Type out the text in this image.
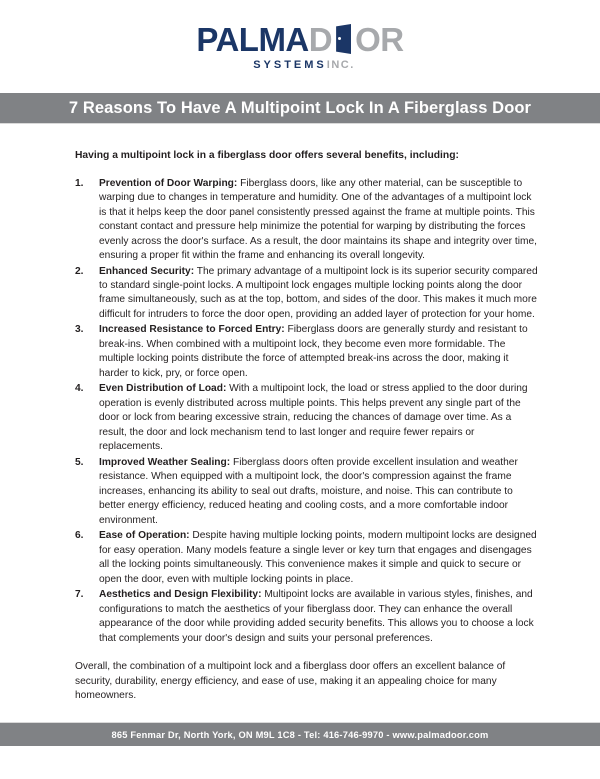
PALMA D OR
SYSTEMS INC.
7 Reasons To Have A Multipoint Lock In A Fiberglass Door

Having a multipoint lock in a fiberglass door offers several benefits, including:

1.	Prevention of Door Warping: Fiberglass doors, like any other material, can be susceptible to warping due to changes in temperature and humidity. One of the advantages of a multipoint lock is that it helps keep the door panel consistently pressed against the frame at multiple points. This constant contact and pressure help minimize the potential for warping by distributing the forces evenly across the door's surface. As a result, the door maintains its shape and integrity over time, ensuring a proper fit within the frame and enhancing its overall longevity.
2.	Enhanced Security: The primary advantage of a multipoint lock is its superior security compared to standard single-point locks. A multipoint lock engages multiple locking points along the door frame simultaneously, such as at the top, bottom, and sides of the door. This makes it much more difficult for intruders to force the door open, providing an added layer of protection for your home.
3.	Increased Resistance to Forced Entry: Fiberglass doors are generally sturdy and resistant to break-ins. When combined with a multipoint lock, they become even more formidable. The multiple locking points distribute the force of attempted break-ins across the door, making it harder to kick, pry, or force open.
4.	Even Distribution of Load: With a multipoint lock, the load or stress applied to the door during operation is evenly distributed across multiple points. This helps prevent any single part of the door or lock from bearing excessive strain, reducing the chances of damage over time. As a result, the door and lock mechanism tend to last longer and require fewer repairs or replacements.
5.	Improved Weather Sealing: Fiberglass doors often provide excellent insulation and weather resistance. When equipped with a multipoint lock, the door's compression against the frame increases, enhancing its ability to seal out drafts, moisture, and noise. This can contribute to better energy efficiency, reduced heating and cooling costs, and a more comfortable indoor environment.
6.	Ease of Operation: Despite having multiple locking points, modern multipoint locks are designed for easy operation. Many models feature a single lever or key turn that engages and disengages all the locking points simultaneously. This convenience makes it simple and quick to secure or open the door, even with multiple locking points in place.
7.	Aesthetics and Design Flexibility: Multipoint locks are available in various styles, finishes, and configurations to match the aesthetics of your fiberglass door. They can enhance the overall appearance of the door while providing added security benefits. This allows you to choose a lock that complements your door's design and suits your personal preferences.

Overall, the combination of a multipoint lock and a fiberglass door offers an excellent balance of security, durability, energy efficiency, and ease of use, making it an appealing choice for many homeowners.

865 Fenmar Dr, North York, ON M9L 1C8 - Tel: 416-746-9970 - www.palmadoor.com
